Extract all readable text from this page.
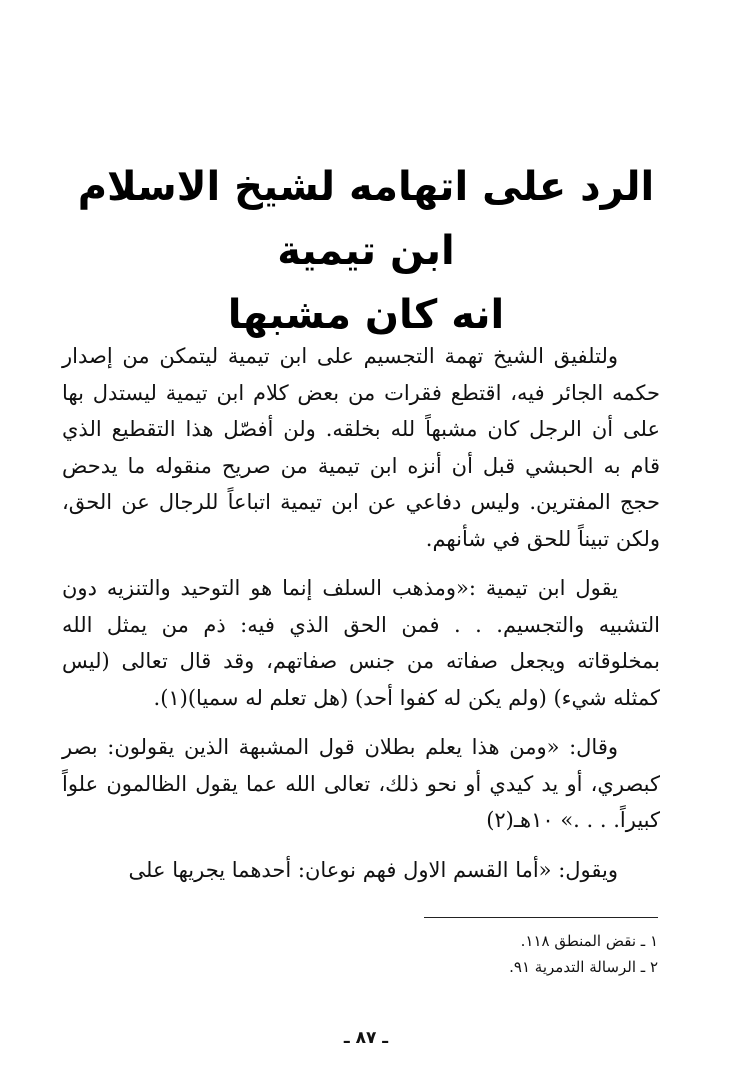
الرد على اتهامه لشيخ الاسلام ابن تيمية

انه كان مشبها

ولتلفيق الشيخ تهمة التجسيم على ابن تيمية ليتمكن من إصدار حكمه الجائر فيه، اقتطع فقرات من بعض كلام ابن تيمية ليستدل بها على أن الرجل كان مشبهاً لله بخلقه. ولن أفصّل هذا التقطيع الذي قام به الحبشي قبل أن أنزه ابن تيمية من صريح منقوله ما يدحض حجج المفترين. وليس دفاعي عن ابن تيمية اتباعاً للرجال عن الحق، ولكن تبيناً للحق في شأنهم.

يقول ابن تيمية :«ومذهب السلف إنما هو التوحيد والتنزيه دون التشبيه والتجسيم. . . فمن الحق الذي فيه: ذم من يمثل الله بمخلوقاته ويجعل صفاته من جنس صفاتهم، وقد قال تعالى (ليس كمثله شيء) (ولم يكن له كفوا أحد) (هل تعلم له سميا)(١).

وقال: «ومن هذا يعلم بطلان قول المشبهة الذين يقولون: بصر كبصري، أو يد كيدي أو نحو ذلك، تعالى الله عما يقول الظالمون علواً كبيراً. . . .» ١٠هـ(٢)

ويقول: «أما القسم الاول فهم نوعان: أحدهما يجريها على

١ ـ نقض المنطق ١١٨.

٢ ـ الرسالة التدمرية ٩١.

ـ ٨٧ ـ
